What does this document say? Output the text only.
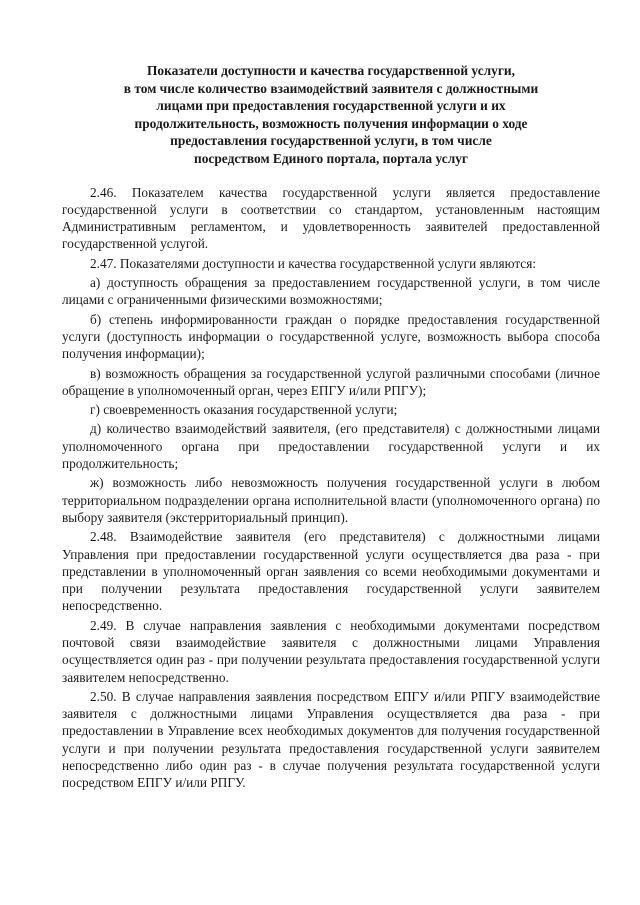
Показатели доступности и качества государственной услуги,
в том числе количество взаимодействий заявителя с должностными
лицами при предоставления государственной услуги и их
продолжительность, возможность получения информации о ходе
предоставления государственной услуги, в том числе
посредством Единого портала, портала услуг

2.46. Показателем качества государственной услуги является предоставление государственной услуги в соответствии со стандартом, установленным настоящим Административным регламентом, и удовлетворенность заявителей предоставленной государственной услугой.

2.47. Показателями доступности и качества государственной услуги являются:

а) доступность обращения за предоставлением государственной услуги, в том числе лицами с ограниченными физическими возможностями;

б) степень информированности граждан о порядке предоставления государственной услуги (доступность информации о государственной услуге, возможность выбора способа получения информации);

в) возможность обращения за государственной услугой различными способами (личное обращение в уполномоченный орган, через ЕПГУ и/или РПГУ);

г) своевременность оказания государственной услуги;

д) количество взаимодействий заявителя, (его представителя) с должностными лицами уполномоченного органа при предоставлении государственной услуги и их продолжительность;

ж) возможность либо невозможность получения государственной услуги в любом территориальном подразделении органа исполнительной власти (уполномоченного органа) по выбору заявителя (экстерриториальный принцип).

2.48. Взаимодействие заявителя (его представителя) с должностными лицами Управления при предоставлении государственной услуги осуществляется два раза - при представлении в уполномоченный орган заявления со всеми необходимыми документами и при получении результата предоставления государственной услуги заявителем непосредственно.

2.49. В случае направления заявления с необходимыми документами посредством почтовой связи взаимодействие заявителя с должностными лицами Управления осуществляется один раз - при получении результата предоставления государственной услуги заявителем непосредственно.

2.50. В случае направления заявления посредством ЕПГУ и/или РПГУ взаимодействие заявителя с должностными лицами Управления осуществляется два раза - при предоставлении в Управление всех необходимых документов для получения государственной услуги и при получении результата предоставления государственной услуги заявителем непосредственно либо один раз - в случае получения результата государственной услуги посредством ЕПГУ и/или РПГУ.
